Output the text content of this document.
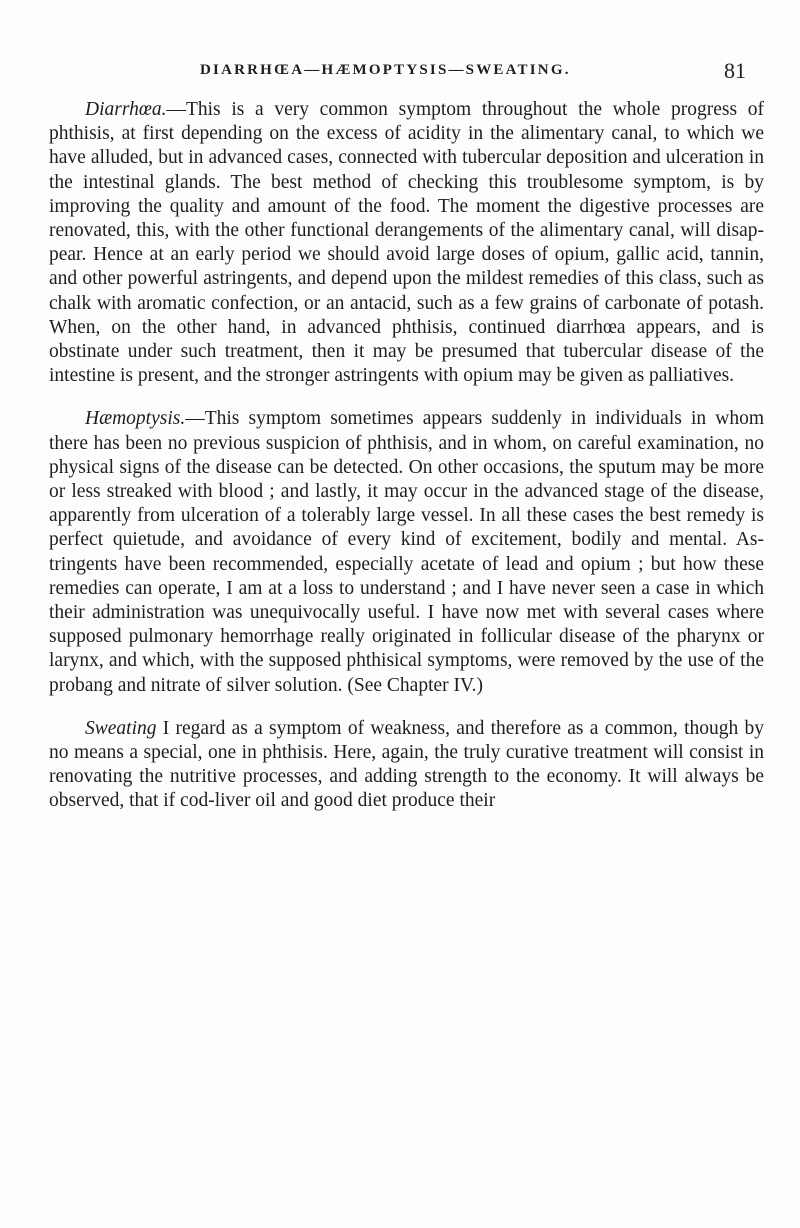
DIARRHŒA—HÆMOPTYSIS—SWEATING.	81

Diarrhœa.—This is a very common symptom throughout the whole progress of phthisis, at first depending on the excess of acidity in the alimentary canal, to which we have alluded, but in advanced cases, connected with tubercular deposition and ulceration in the intestinal glands. The best method of checking this troublesome symptom, is by improving the quality and amount of the food. The moment the digestive processes are renovated, this, with the other functional derangements of the alimentary canal, will disappear. Hence at an early period we should avoid large doses of opium, gallic acid, tannin, and other powerful astringents, and depend upon the mildest remedies of this class, such as chalk with aromatic confection, or an antacid, such as a few grains of carbonate of potash. When, on the other hand, in advanced phthisis, continued diarrhœa appears, and is obstinate under such treatment, then it may be presumed that tubercular disease of the intestine is present, and the stronger astringents with opium may be given as palliatives.

Hæmoptysis.—This symptom sometimes appears suddenly in individuals in whom there has been no previous suspicion of phthisis, and in whom, on careful examination, no physical signs of the disease can be detected. On other occasions, the sputum may be more or less streaked with blood ; and lastly, it may occur in the advanced stage of the disease, apparently from ulceration of a tolerably large vessel. In all these cases the best remedy is perfect quietude, and avoidance of every kind of excitement, bodily and mental. Astringents have been recommended, especially acetate of lead and opium ; but how these remedies can operate, I am at a loss to understand ; and I have never seen a case in which their administration was unequivocally useful. I have now met with several cases where supposed pulmonary hemorrhage really originated in follicular disease of the pharynx or larynx, and which, with the supposed phthisical symptoms, were removed by the use of the probang and nitrate of silver solution. (See Chapter IV.)

Sweating I regard as a symptom of weakness, and therefore as a common, though by no means a special, one in phthisis. Here, again, the truly curative treatment will consist in renovating the nutritive processes, and adding strength to the economy. It will always be observed, that if cod-liver oil and good diet produce their
